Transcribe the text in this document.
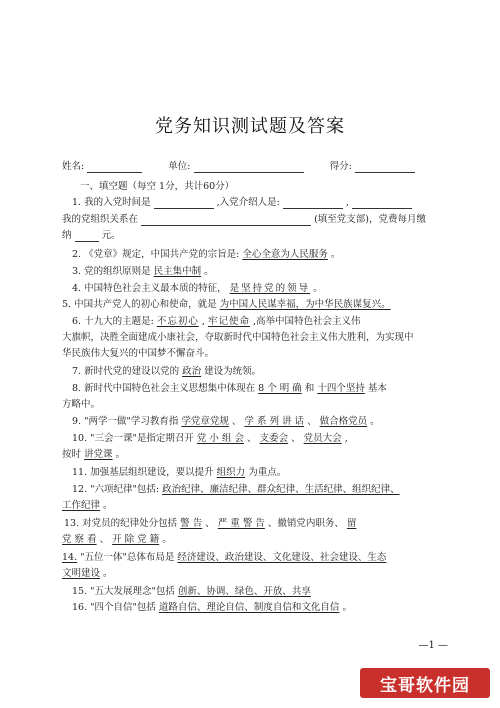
党务知识测试题及答案
姓名:	单位:	得分:
一、填空题（每空 1分，共计60分）
1. 我的入党时间是	,入党介绍人是:	,
我的党组织关系在	(填至党支部)，党费每月缴
纳	元。
2. 《党章》规定，中国共产党的宗旨是: 全心全意为人民服务 。
3. 党的组织原则是 民主集中制 。
4. 中国特色社会主义最本质的特征， 是坚持党的领导 。
5. 中国共产党人的初心和使命，就是 为中国人民谋幸福，为中华民族谋复兴。
6. 十九大的主题是: 不忘初心 , 牢记使命 ,高举中国特色社会主义伟
大旗帜，决胜全面建成小康社会，夺取新时代中国特色社会主义伟大胜利，为实现中
华民族伟大复兴的中国梦不懈奋斗。
7. 新时代党的建设以党的 政治 建设为统领。
8. 新时代中国特色社会主义思想集中体现在 8 个 明 确 和 十四个坚持 基本
方略中。
9. "两学一做"学习教育指 学党章党规 、 学 系 列 讲 话 、 做合格党员 。
10. "三会一课"是指定期召开 党 小 组 会 、 支委会 、 党员大会 ,
按时 讲党课 。
11. 加强基层组织建设，要以提升 组织力 为重点。
12. "六项纪律"包括: 政治纪律、廉洁纪律、群众纪律、生活纪律、组织纪律、
工作纪律 。
13. 对党员的纪律处分包括 警 告 、 严 重 警 告 、撤销党内职务、 留
党 察 看 、 开 除 党 籍 。
14. "五位一体"总体布局是 经济建设、政治建设、文化建设、社会建设、生态
文明建设 。
15. "五大发展理念"包括 创新、协调、绿色、开放、共享
16. "四个自信"包括 道路自信、理论自信、制度自信和文化自信 。
—1 —
宝哥软件园
